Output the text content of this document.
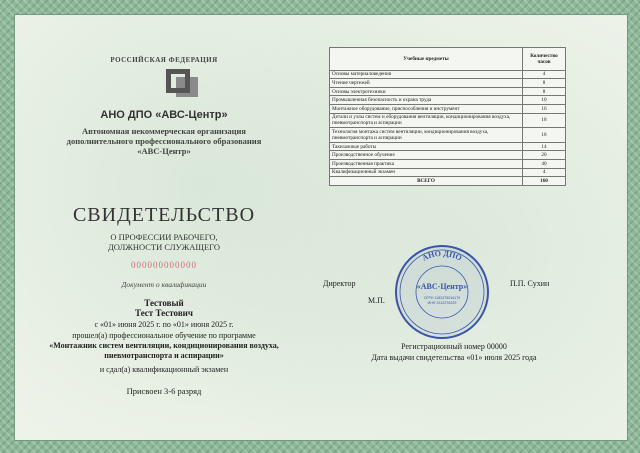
РОССИЙСКАЯ ФЕДЕРАЦИЯ
АНО ДПО «АВС-Центр»
Автономная некоммерческая организация
дополнительного профессионального образования
«АВС-Центр»
СВИДЕТЕЛЬСТВО
О ПРОФЕССИИ РАБОЧЕГО,
ДОЛЖНОСТИ СЛУЖАЩЕГО
000000000000
Документ о квалификации
Тестовый
Тест Тестович
с «01» июня 2025 г. по «01» июня 2025 г.
прошел(а) профессиональное обучение по программе
«Монтажник систем вентиляции, кондиционирования воздуха,
пневмотранспорта и аспирации»
и сдал(а) квалификационный экзамен
Присвоен 3-6 разряд
Учебные предметы	Количество часов
Основы материаловедения	4
Чтение чертежей	8
Основы электротехники	8
Промышленная безопасность и охрана труда	10
Монтажное оборудование, приспособления и инструмент	16
Детали и узлы систем и оборудования вентиляции, кондиционирования воздуха, пневмотранспорта и аспирации	18
Технология монтажа систем вентиляции, кондиционирования воздуха, пневмотранспорта и аспирации	18
Такелажные работы	14
Производственное обучение	20
Производственная практика	40
Квалификационный экзамен	4
ВСЕГО	160
Директор	П.П. Сухин
М.П.
АНО ДПО
«АВС-Центр»
ОГРН 1182375016179
ИНН 2312276229
Регистрационный номер 00000
Дата выдачи свидетельства «01» июля 2025 года
